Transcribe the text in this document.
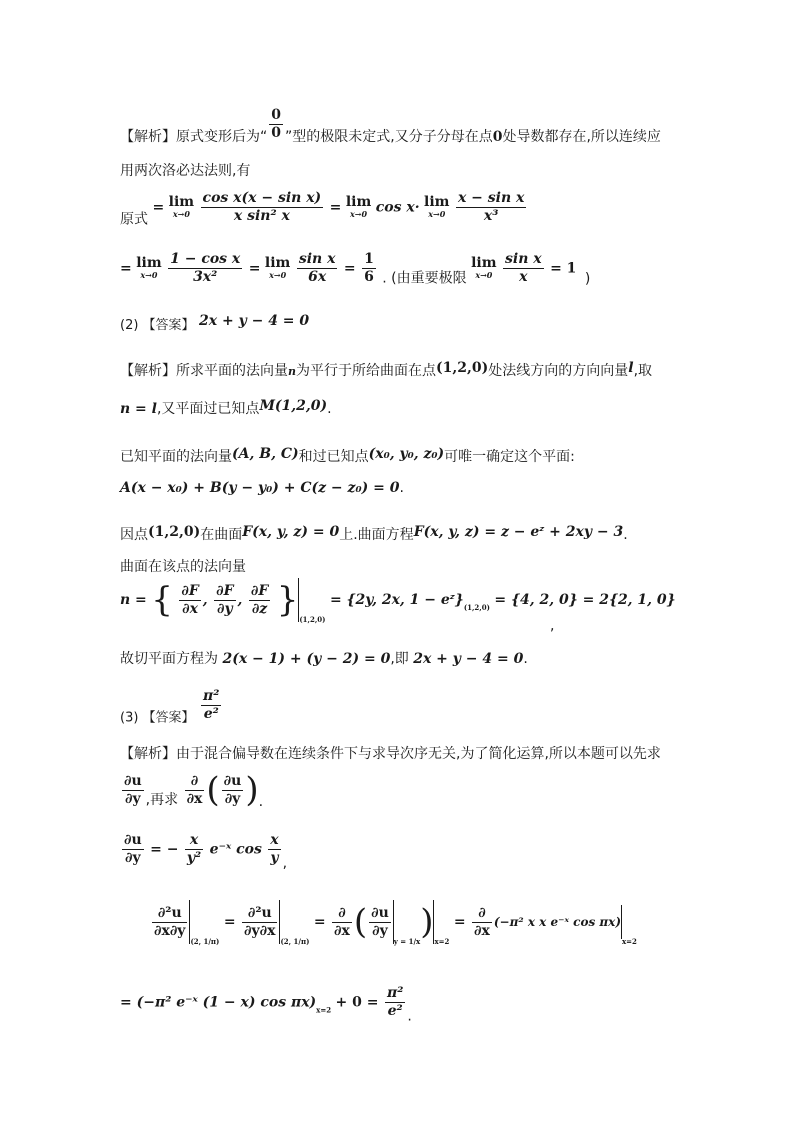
【解析】原式变形后为“ $\frac{0}{0}$ ”型的极限未定式,又分子分母在点0处导数都存在,所以连续应
用两次洛必达法则,有
原式 = lim
x→0
$\frac{\text{cos x(x − sin x)}}{\text{x sin² x}} = \lim$
x→0 cos x· lim
x→0
$\frac{\text{x − sin x}}{\text{x³}}$
= lim
x→0
$\frac{\text{1 − cos x}}{\text{3x²}} = \lim$
x→0
$\frac{\text{sin x}}{6x} = \frac{1}{6}$ . (由重要极限
lim
x→0
$\frac{\text{sin x}}{x} = 1$ )
(2) 【答案】 2x + y − 4 = 0
【解析】所求平面的法向量n为平行于所给曲面在点(1,2,0)处法线方向的方向向量l,取
n = l,又平面过已知点M(1,2,0).
已知平面的法向量(A, B, C)和过已知点(x₀, y₀, z₀)可唯一确定这个平面:
A(x − x₀) + B(y − y₀) + C(z − z₀) = 0.
因点(1,2,0)在曲面F(x, y, z) = 0上.曲面方程F(x, y, z) = z − eᶻ + 2xy − 3.
曲面在该点的法向量
n = { $\frac{\partial F}{\partial x}$ , $\frac{\partial F}{\partial y}$ , $\frac{\partial F}{\partial z} \}_{(1,2,0)} = \{2y$, 2x, $1 - eᶻ\}_{(1,2,0)} = \{4$, 2, 0} = 2{2, 1, 0}
,
故切平面方程为 2(x − 1) + (y − 2) = 0,即 2x + y − 4 = 0.
(3) 【答案】 $\frac{\text{π²}}{\text{e²}}$
【解析】由于混合偏导数在连续条件下与求导次序无关,为了简化运算,所以本题可以先求
$\frac{\partial u}{\partial y}$ ,再求 $\frac{\partial}{\partial x}$ ( $\frac{\partial u}{\partial y}$ ).
$\frac{\partial u}{\partial y}$ = − $\frac{x}{\text{y²}}$ e⁻ˣ $\cos \frac{x}{y}$ ,
$\frac{\text{∂²u}}{\partial x\partial y}$
$_{(2, 1/\pi)} = \frac{\text{∂²u}}{\partial y\partial x}$
$_{(2, 1/\pi)} = \frac{\partial}{\partial x}$ ( $\frac{\partial u}{\partial y}$
$_{y = 1/x})_{x=2} = \frac{\partial}{\partial x} (-\pi^2$ x x e⁻ˣ $\cos \pi x)_{x=2}$
= (−π² e⁻ˣ (1 − x) $\cos \pi x)_{x=2} + 0 = \frac{\text{π²}}{\text{e²}}$ .
